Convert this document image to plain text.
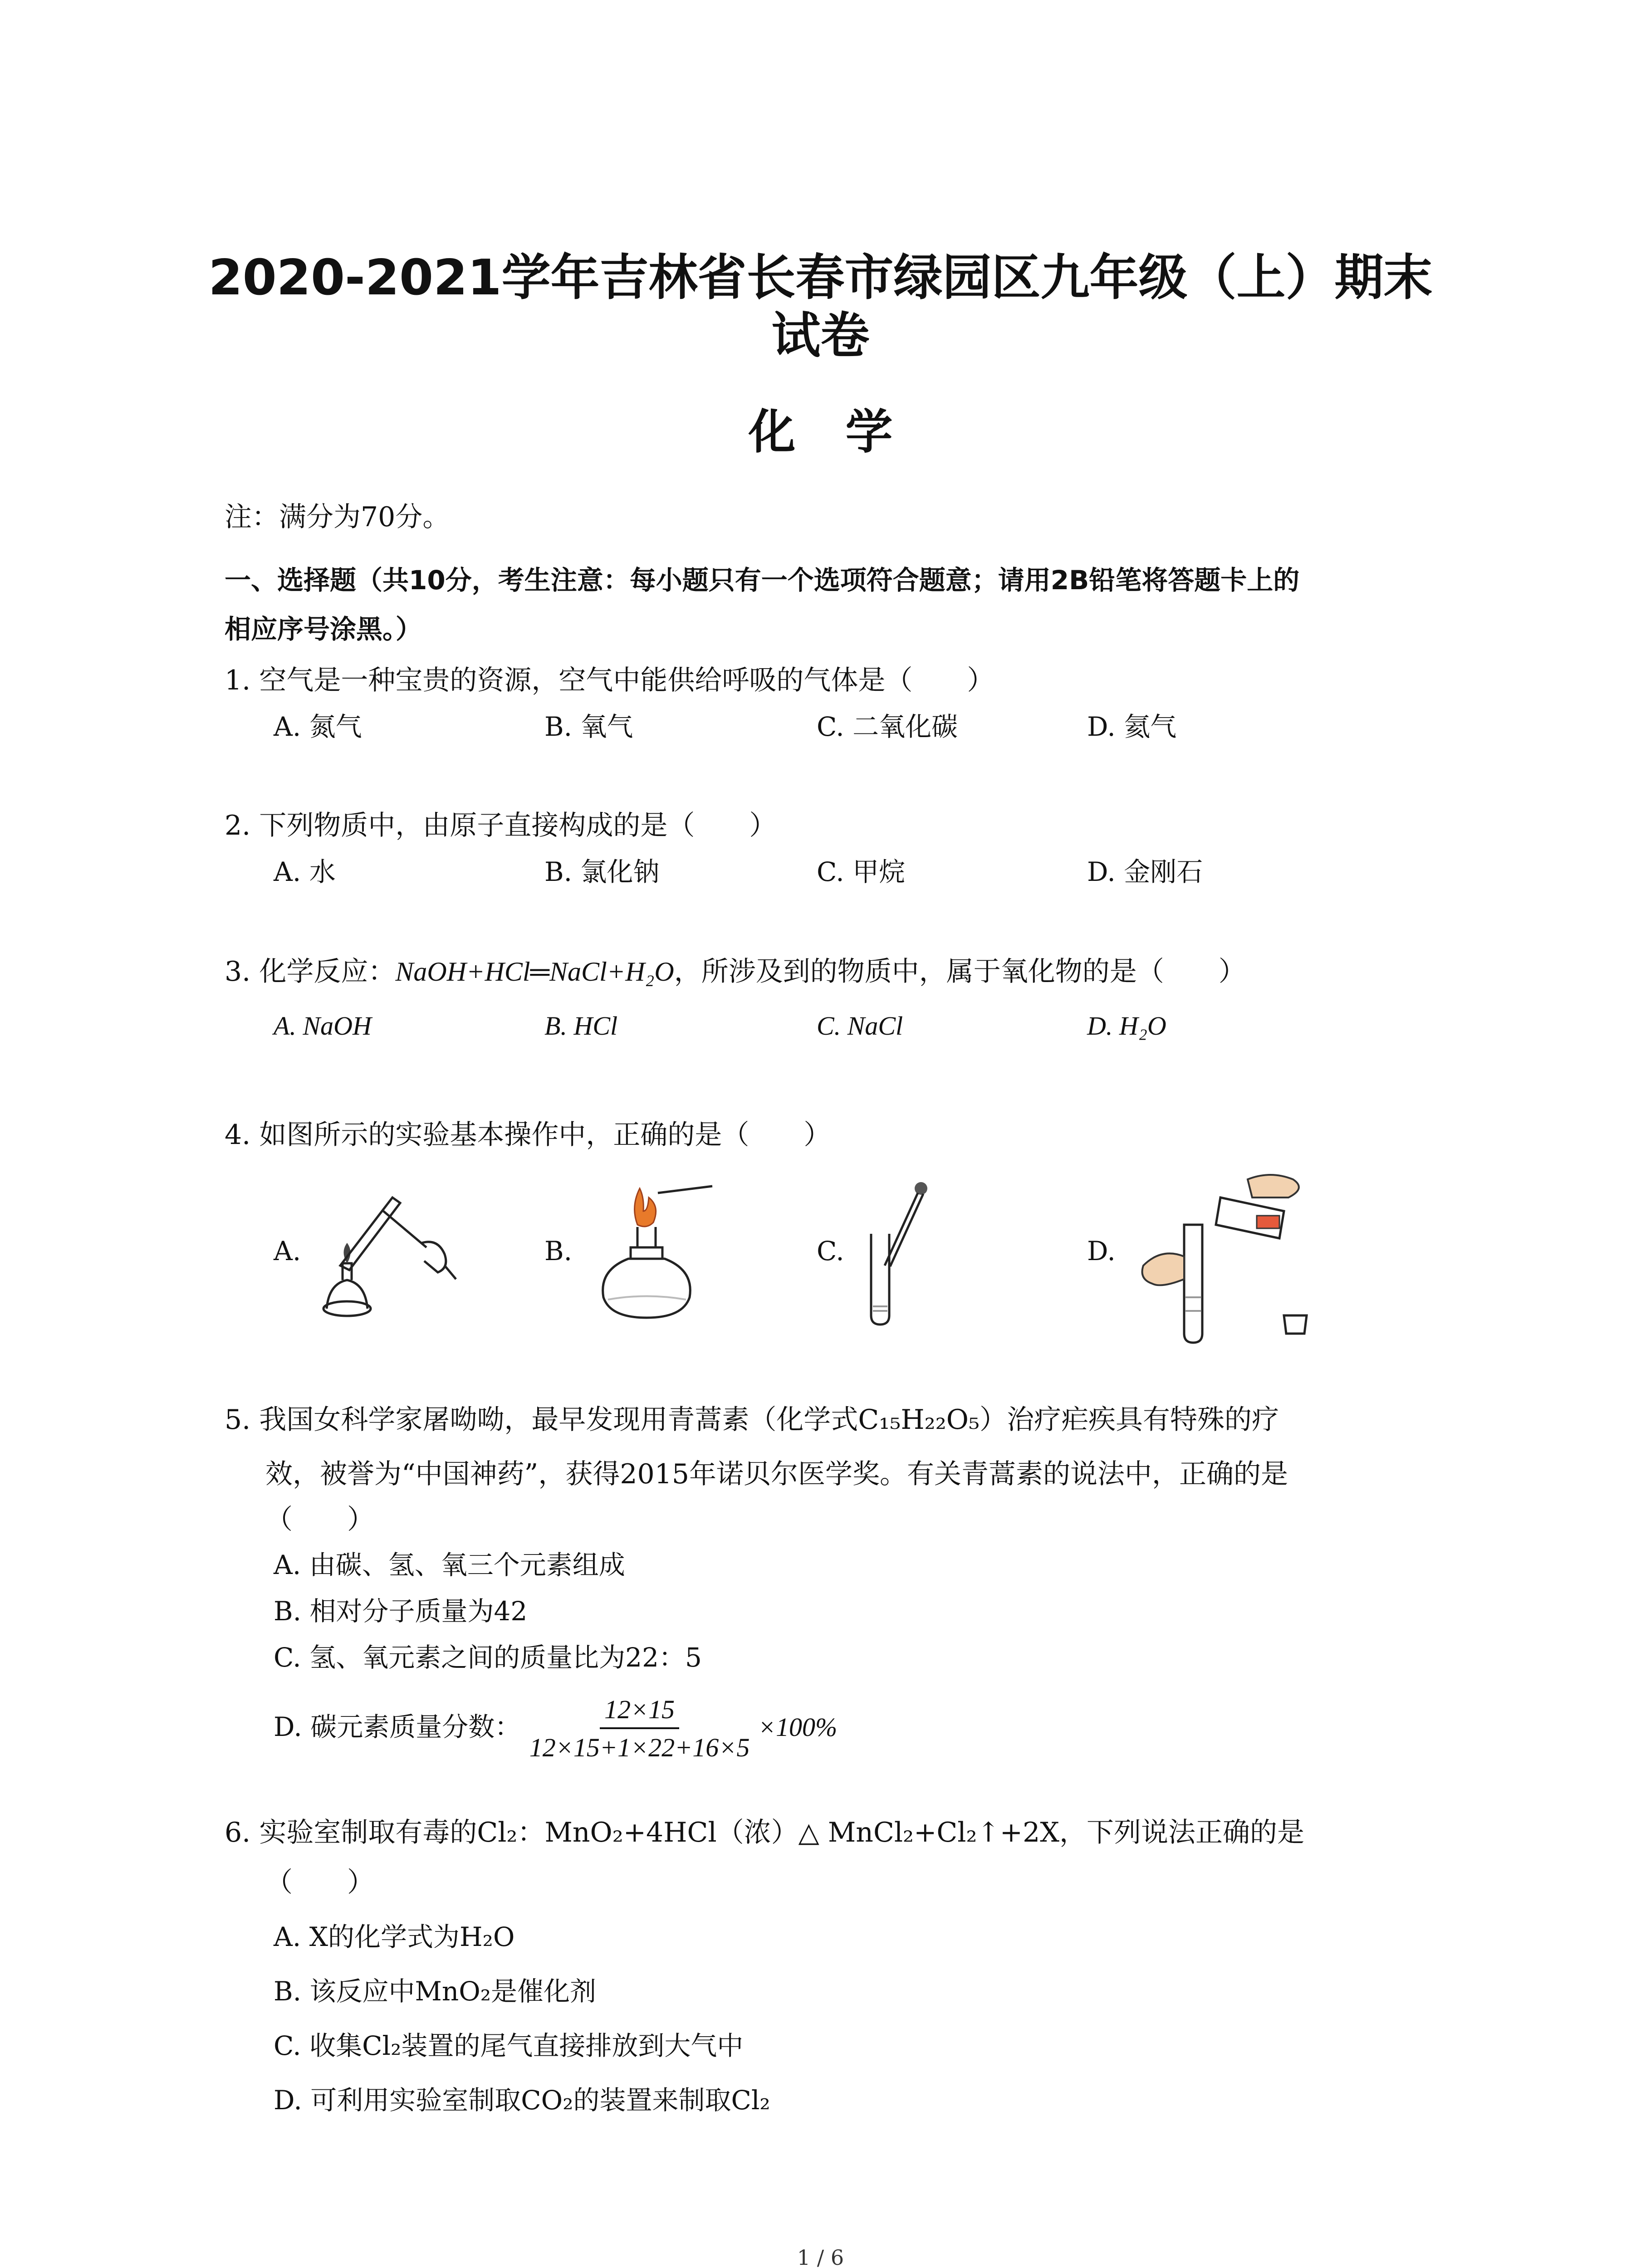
2020-2021学年吉林省长春市绿园区九年级（上）期末
试卷
化学
注：满分为70分。
一、选择题（共10分，考生注意：每小题只有一个选项符合题意；请用2B铅笔将答题卡上的
相应序号涂黑。）
1. 空气是一种宝贵的资源，空气中能供给呼吸的气体是（　　）
A. 氮气	B. 氧气	C. 二氧化碳	D. 氦气
2. 下列物质中，由原子直接构成的是（　　）
A. 水	B. 氯化钠	C. 甲烷	D. 金刚石
3. 化学反应：NaOH+HCl═NaCl+H₂O，所涉及到的物质中，属于氧化物的是（　　）
A. NaOH	B. HCl	C. NaCl	D. H₂O
4. 如图所示的实验基本操作中，正确的是（　　）
A.	B.	C.	D.
5. 我国女科学家屠呦呦，最早发现用青蒿素（化学式C₁₅H₂₂O₅）治疗疟疾具有特殊的疗
效，被誉为“中国神药”，获得2015年诺贝尔医学奖。有关青蒿素的说法中，正确的是
（　　）
A. 由碳、氢、氧三个元素组成
B. 相对分子质量为42
C. 氢、氧元素之间的质量比为22：5
D. 碳元素质量分数： $\frac{12\times 15}{12\times 15+1\times 22+16\times 5} \times 100\%$
6. 实验室制取有毒的Cl₂：MnO₂+4HCl（浓）△ MnCl₂+Cl₂↑+2X，下列说法正确的是
（　　）
A. X的化学式为H₂O
B. 该反应中MnO₂是催化剂
C. 收集Cl₂装置的尾气直接排放到大气中
D. 可利用实验室制取CO₂的装置来制取Cl₂
1 / 6
